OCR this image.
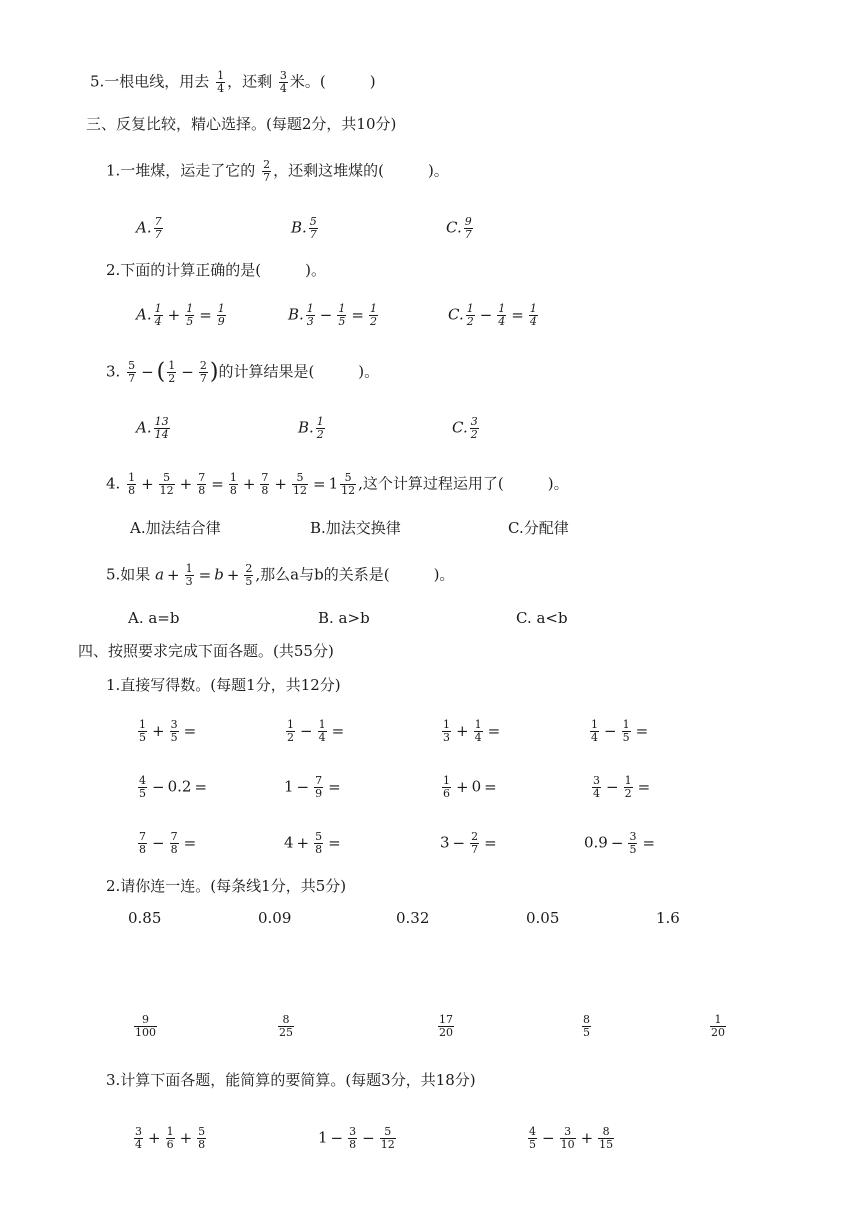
5.一根电线，用去 $\frac{1}{4}$ ，还剩 $\frac{3}{4}$ 米。(	)
三、反复比较，精心选择。(每题2分，共10分)
1.一堆煤，运走了它的 $\frac{2}{7}$ ，还剩这堆煤的(	)。
A. $\frac{7}{7}$	B. $\frac{5}{7}$	C. $\frac{9}{7}$
2.下面的计算正确的是(	)。
A. $\frac{1}{4} + \frac{1}{5} = \frac{1}{9}$	B. $\frac{1}{3} - \frac{1}{5} = \frac{1}{2}$	C. $\frac{1}{2} - \frac{1}{4} = \frac{1}{4}$
3. $\frac{5}{7}$ − ( $\frac{1}{2} - \frac{2}{7}$ )的计算结果是(	)。
A. $\frac{13}{14}$	B. $\frac{1}{2}$	C. $\frac{3}{2}$
4. $\frac{1}{8} + \frac{5}{12} + \frac{7}{8} = \frac{1}{8} + \frac{7}{8} + \frac{5}{12} = 1 \frac{5}{12}$ ,这个计算过程运用了(	)。
A.加法结合律	B.加法交换律	C.分配律
5.如果 $a + \frac{1}{3} = b + \frac{2}{5}$ ,那么a与b的关系是(	)。
A. a=b	B. a>b	C. a<b
四、按照要求完成下面各题。(共55分)
1.直接写得数。(每题1分，共12分)
$\frac{1}{5} + \frac{3}{5}$ =	$\frac{1}{2} - \frac{1}{4}$ =	$\frac{1}{3} + \frac{1}{4}$ =	$\frac{1}{4} - \frac{1}{5}$ =
$\frac{4}{5} - 0.2$ =	$1 - \frac{7}{9}$ =	$\frac{1}{6} + 0$ =	$\frac{3}{4} - \frac{1}{2}$ =
$\frac{7}{8} - \frac{7}{8}$ =	$4 + \frac{5}{8}$ =	$3 - \frac{2}{7}$ =	$0.9 - \frac{3}{5}$ =
2.请你连一连。(每条线1分，共5分)
0.85	0.09	0.32	0.05	1.6
$\frac{9}{100}$	$\frac{8}{25}$	$\frac{17}{20}$	$\frac{8}{5}$	$\frac{1}{20}$
3.计算下面各题，能简算的要简算。(每题3分，共18分)
$\frac{3}{4} + \frac{1}{6} + \frac{5}{8}$	$1 - \frac{3}{8} - \frac{5}{12}$	$\frac{4}{5} - \frac{3}{10} + \frac{8}{15}$
